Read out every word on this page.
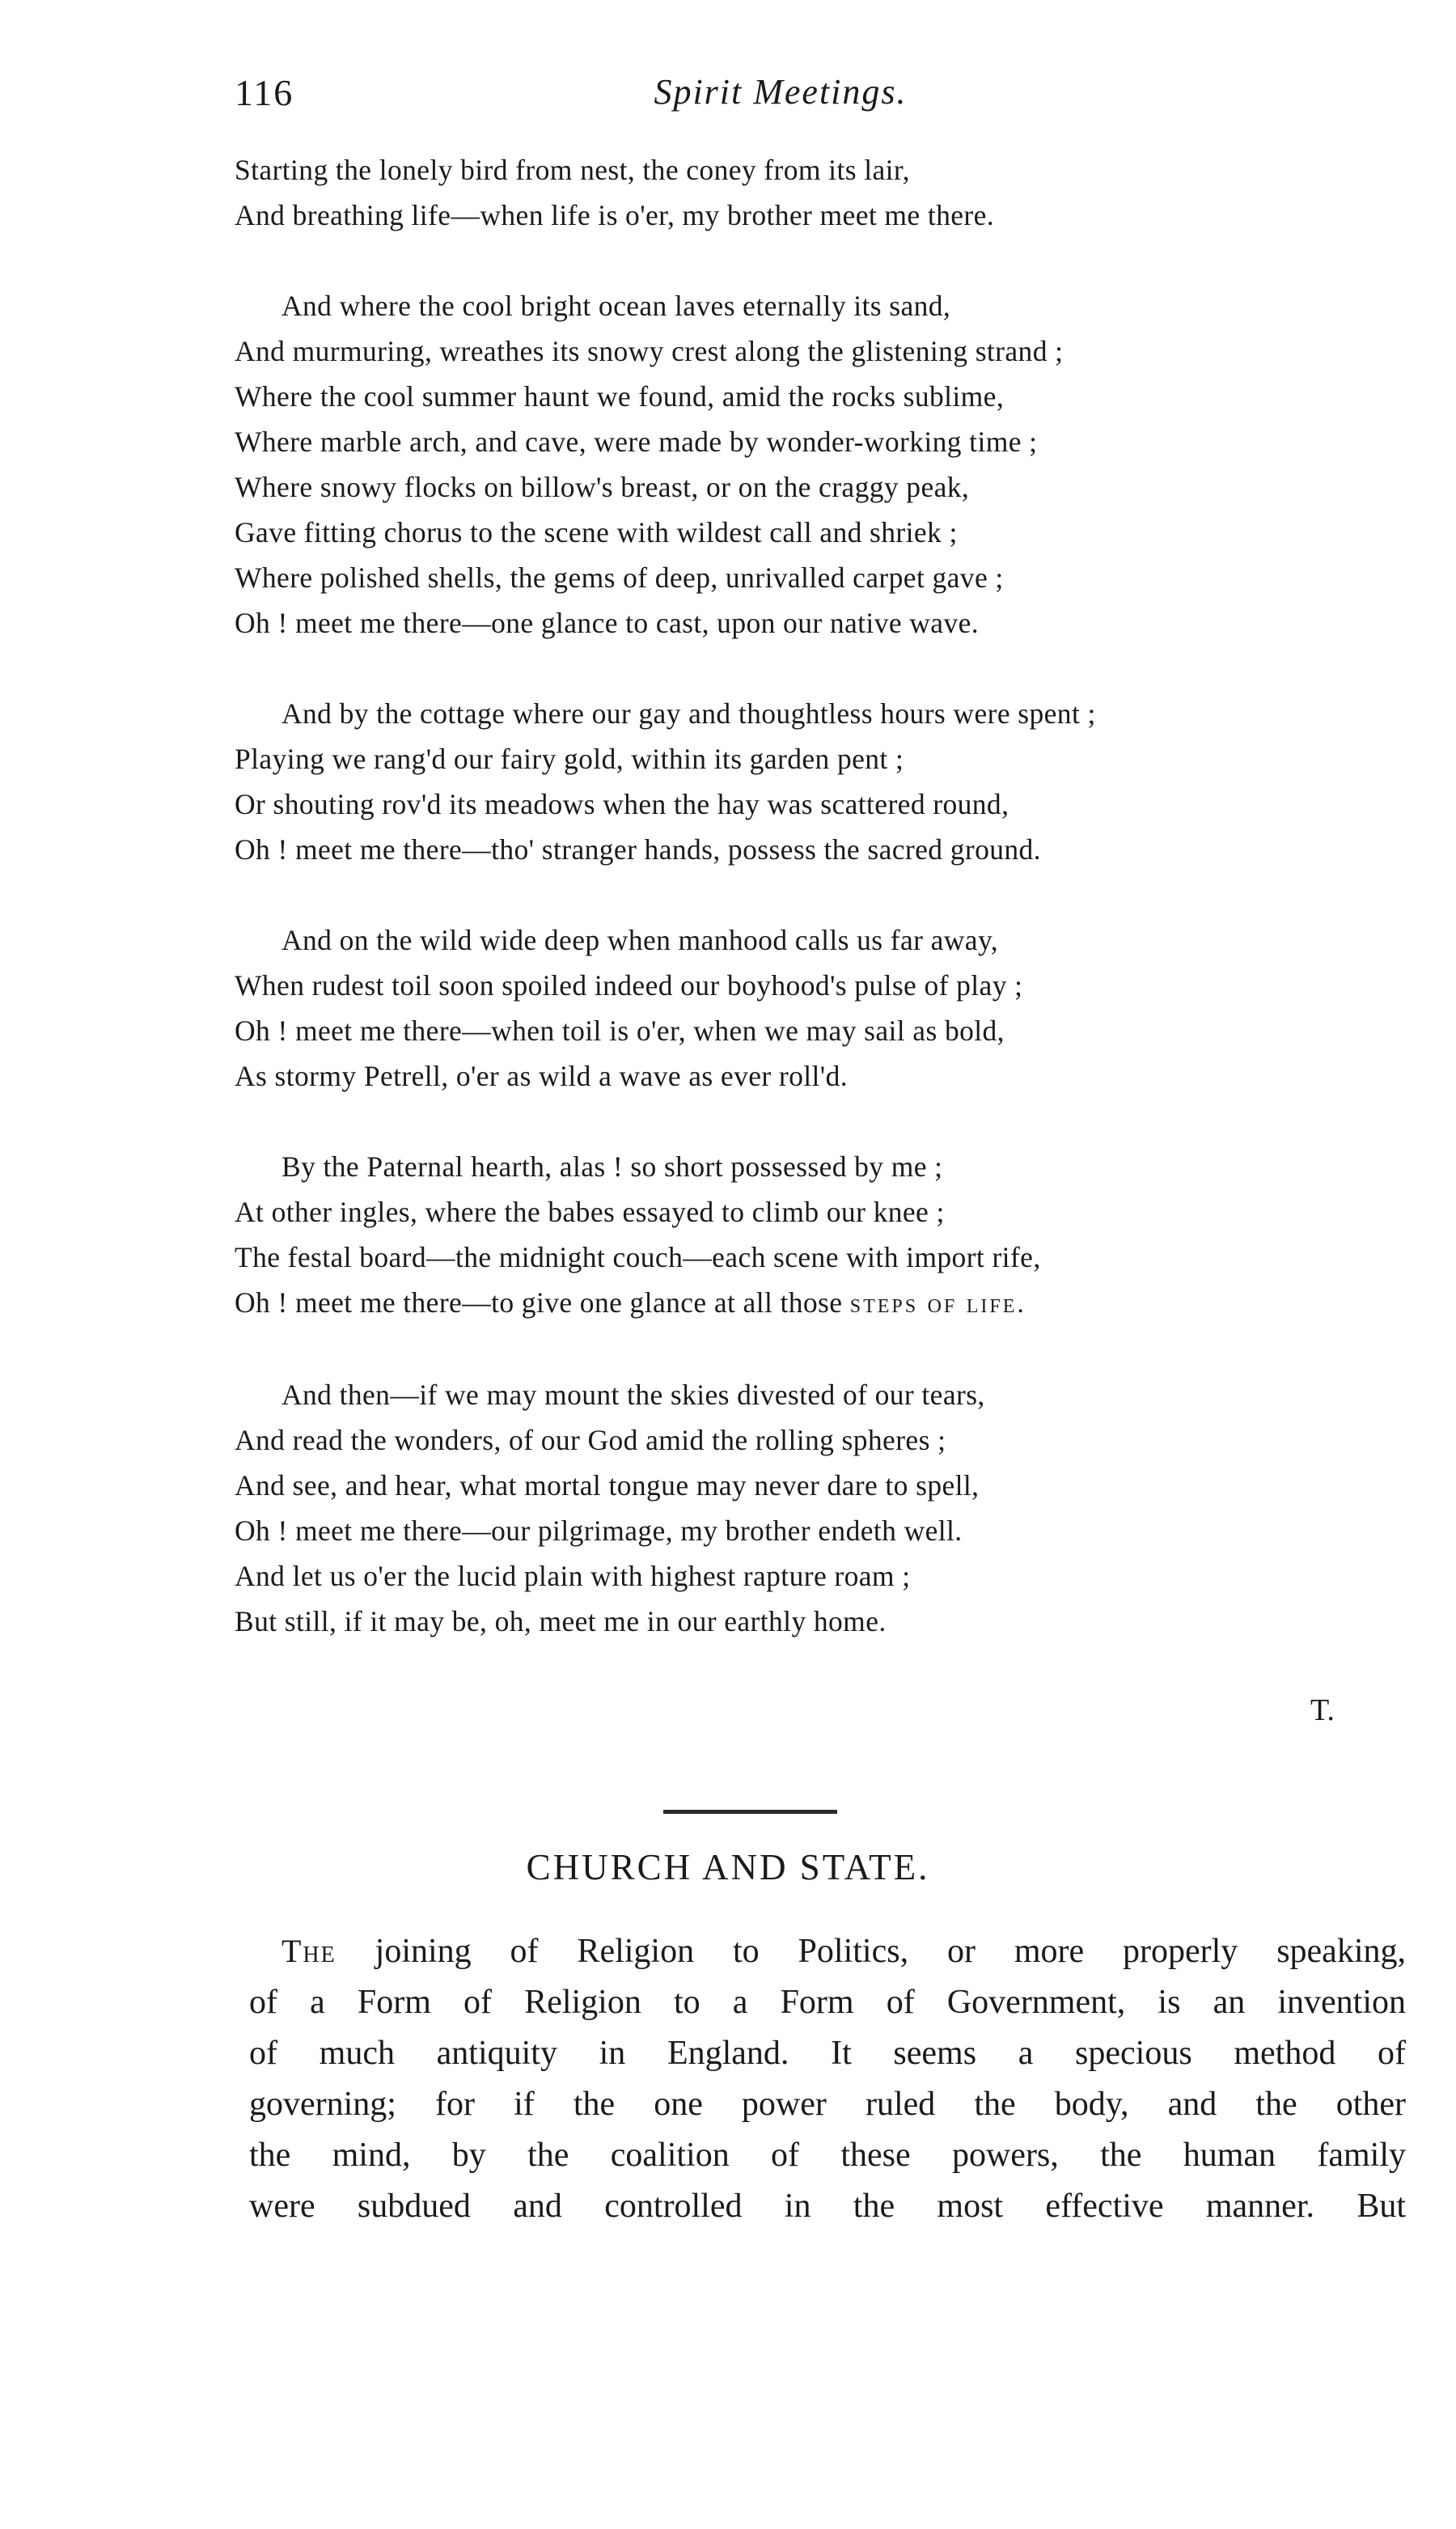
116	Spirit Meetings.
Starting the lonely bird from nest, the coney from its lair,
And breathing life—when life is o'er, my brother meet me there.
And where the cool bright ocean laves eternally its sand,
And murmuring, wreathes its snowy crest along the glistening strand ;
Where the cool summer haunt we found, amid the rocks sublime,
Where marble arch, and cave, were made by wonder-working time ;
Where snowy flocks on billow's breast, or on the craggy peak,
Gave fitting chorus to the scene with wildest call and shriek ;
Where polished shells, the gems of deep, unrivalled carpet gave ;
Oh ! meet me there—one glance to cast, upon our native wave.
And by the cottage where our gay and thoughtless hours were spent ;
Playing we rang'd our fairy gold, within its garden pent ;
Or shouting rov'd its meadows when the hay was scattered round,
Oh ! meet me there—tho' stranger hands, possess the sacred ground.
And on the wild wide deep when manhood calls us far away,
When rudest toil soon spoiled indeed our boyhood's pulse of play ;
Oh ! meet me there—when toil is o'er, when we may sail as bold,
As stormy Petrell, o'er as wild a wave as ever roll'd.
By the Paternal hearth, alas ! so short possessed by me ;
At other ingles, where the babes essayed to climb our knee ;
The festal board—the midnight couch—each scene with import rife,
Oh ! meet me there—to give one glance at all those steps of life.
And then—if we may mount the skies divested of our tears,
And read the wonders, of our God amid the rolling spheres ;
And see, and hear, what mortal tongue may never dare to spell,
Oh ! meet me there—our pilgrimage, my brother endeth well.
And let us o'er the lucid plain with highest rapture roam ;
But still, if it may be, oh, meet me in our earthly home.
T.
CHURCH AND STATE.
The joining of Religion to Politics, or more properly speaking,
of a Form of Religion to a Form of Government, is an invention
of much antiquity in England. It seems a specious method of
governing; for if the one power ruled the body, and the other
the mind, by the coalition of these powers, the human family
were subdued and controlled in the most effective manner. But
